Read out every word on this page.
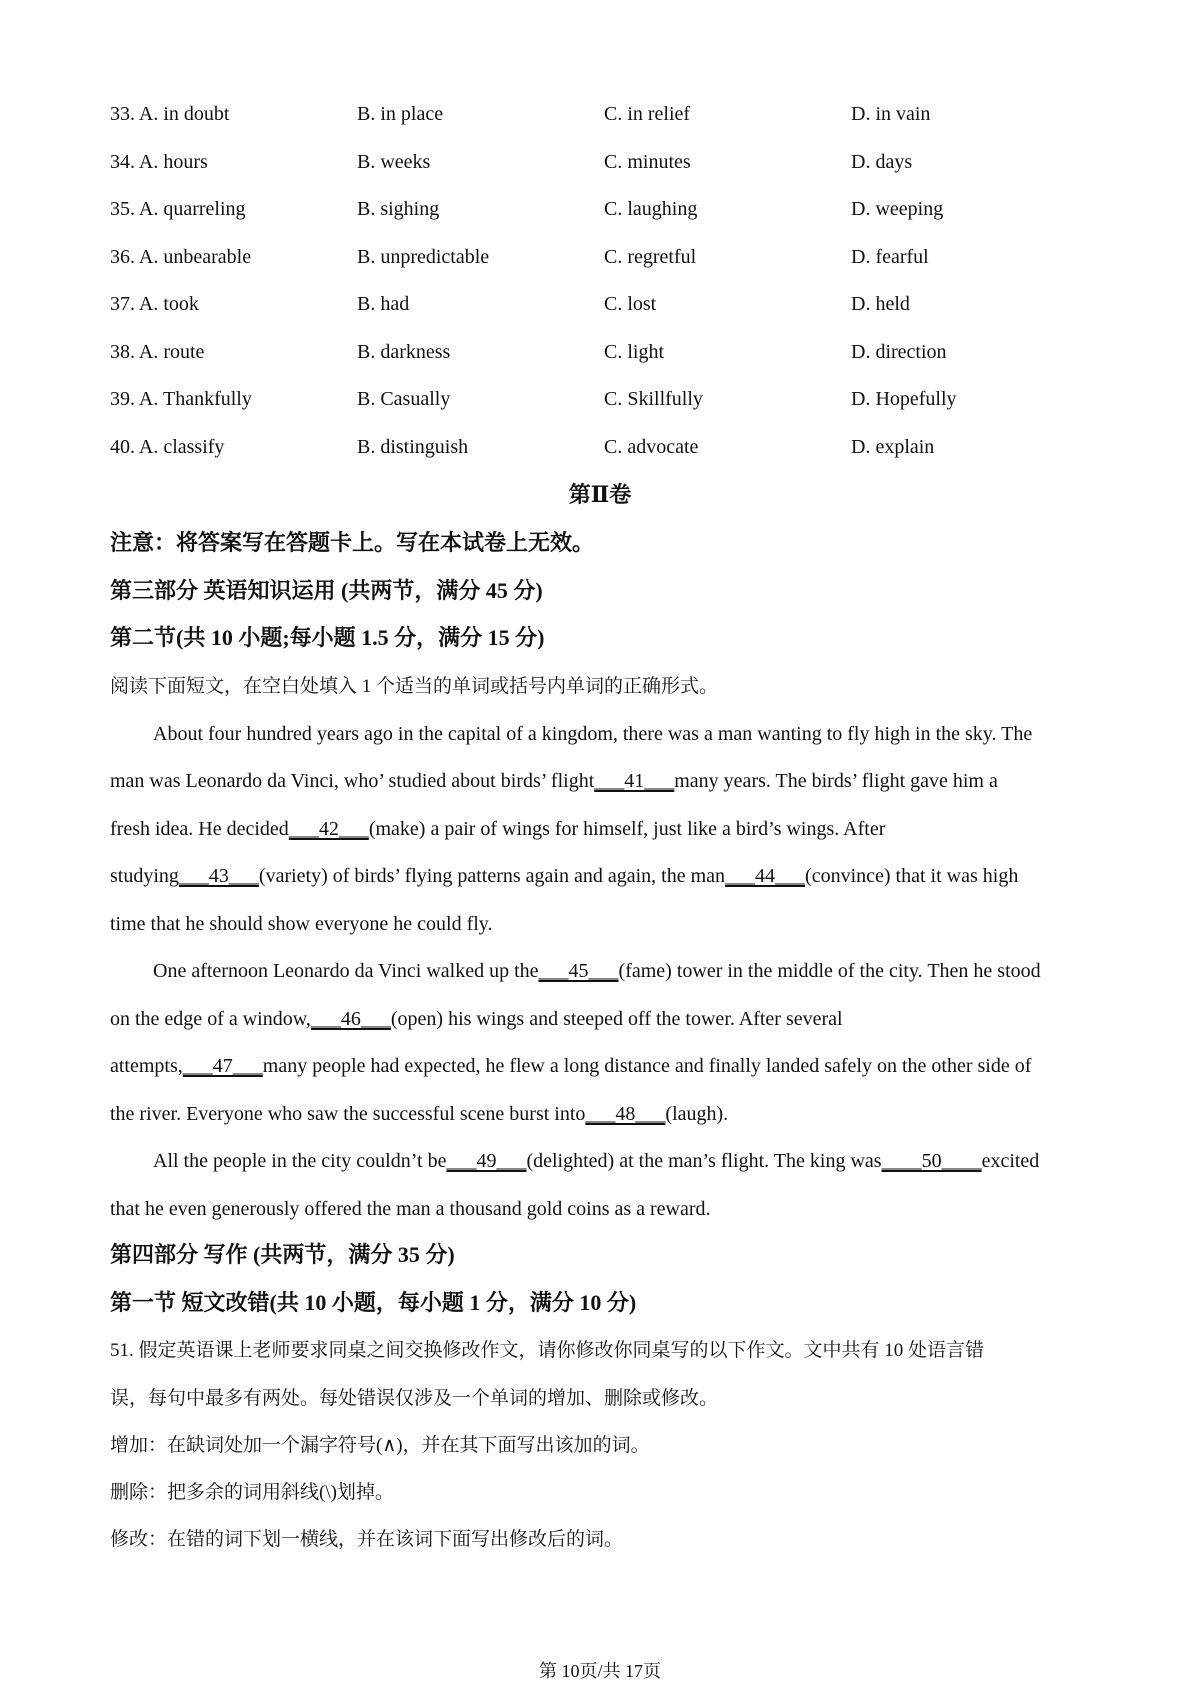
33. A. in doubt	B. in place	C. in relief	D. in vain
34. A. hours	B. weeks	C. minutes	D. days
35. A. quarreling	B. sighing	C. laughing	D. weeping
36. A. unbearable	B. unpredictable	C. regretful	D. fearful
37. A. took	B. had	C. lost	D. held
38. A. route	B. darkness	C. light	D. direction
39. A. Thankfully	B. Casually	C. Skillfully	D. Hopefully
40. A. classify	B. distinguish	C. advocate	D. explain
第Ⅱ卷
注意：将答案写在答题卡上。写在本试卷上无效。
第三部分 英语知识运用 (共两节，满分 45 分)
第二节(共 10 小题;每小题 1.5 分，满分 15 分)
阅读下面短文，在空白处填入 1 个适当的单词或括号内单词的正确形式。
About four hundred years ago in the capital of a kingdom, there was a man wanting to fly high in the sky. The
man was Leonardo da Vinci, who’ studied about birds’ flight___41___many years. The birds’ flight gave him a
fresh idea. He decided___42___(make) a pair of wings for himself, just like a bird’s wings. After
studying___43___(variety) of birds’ flying patterns again and again, the man___44___(convince) that it was high
time that he should show everyone he could fly.
One afternoon Leonardo da Vinci walked up the___45___(fame) tower in the middle of the city. Then he stood
on the edge of a window,___46___(open) his wings and steeped off the tower. After several
attempts,___47___many people had expected, he flew a long distance and finally landed safely on the other side of
the river. Everyone who saw the successful scene burst into___48___(laugh).
All the people in the city couldn’t be___49___(delighted) at the man’s flight. The king was____50____excited
that he even generously offered the man a thousand gold coins as a reward.
第四部分 写作 (共两节，满分 35 分)
第一节 短文改错(共 10 小题，每小题 1 分，满分 10 分)
51. 假定英语课上老师要求同桌之间交换修改作文，请你修改你同桌写的以下作文。文中共有 10 处语言错
误，每句中最多有两处。每处错误仅涉及一个单词的增加、删除或修改。
增加：在缺词处加一个漏字符号(∧)，并在其下面写出该加的词。
删除：把多余的词用斜线(\)划掉。
修改：在错的词下划一横线，并在该词下面写出修改后的词。
第 10页/共 17页
